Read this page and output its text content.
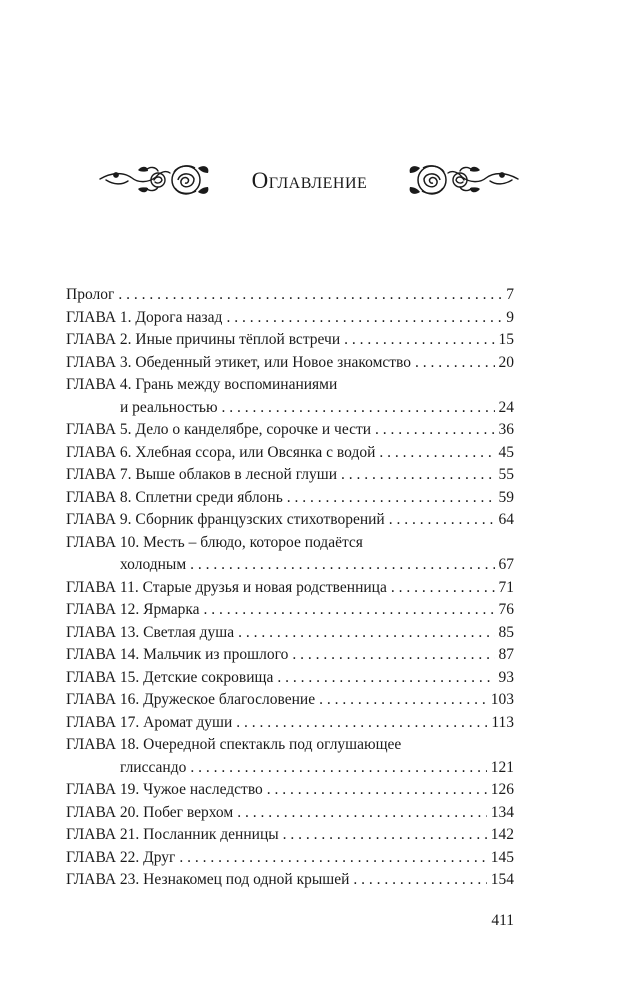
Оглавление
Пролог . . .	7
ГЛАВА 1. Дорога назад . . .	9
ГЛАВА 2. Иные причины тёплой встречи . . .	15
ГЛАВА 3. Обеденный этикет, или Новое знакомство . . .	20
ГЛАВА 4. Грань между воспоминаниями
и реальностью . . .	24
ГЛАВА 5. Дело о канделябре, сорочке и чести . . .	36
ГЛАВА 6. Хлебная ссора, или Овсянка с водой . . .	45
ГЛАВА 7. Выше облаков в лесной глуши . . .	55
ГЛАВА 8. Сплетни среди яблонь . . .	59
ГЛАВА 9. Сборник французских стихотворений . . .	64
ГЛАВА 10. Месть – блюдо, которое подаётся
холодным . . .	67
ГЛАВА 11. Старые друзья и новая родственница . . .	71
ГЛАВА 12. Ярмарка . . .	76
ГЛАВА 13. Светлая душа . . .	85
ГЛАВА 14. Мальчик из прошлого . . .	87
ГЛАВА 15. Детские сокровища . . .	93
ГЛАВА 16. Дружеское благословение . . .	103
ГЛАВА 17. Аромат души . . .	113
ГЛАВА 18. Очередной спектакль под оглушающее
глиссандо . . .	121
ГЛАВА 19. Чужое наследство . . .	126
ГЛАВА 20. Побег верхом . . .	134
ГЛАВА 21. Посланник денницы . . .	142
ГЛАВА 22. Друг . . .	145
ГЛАВА 23. Незнакомец под одной крышей . . .	154
411
